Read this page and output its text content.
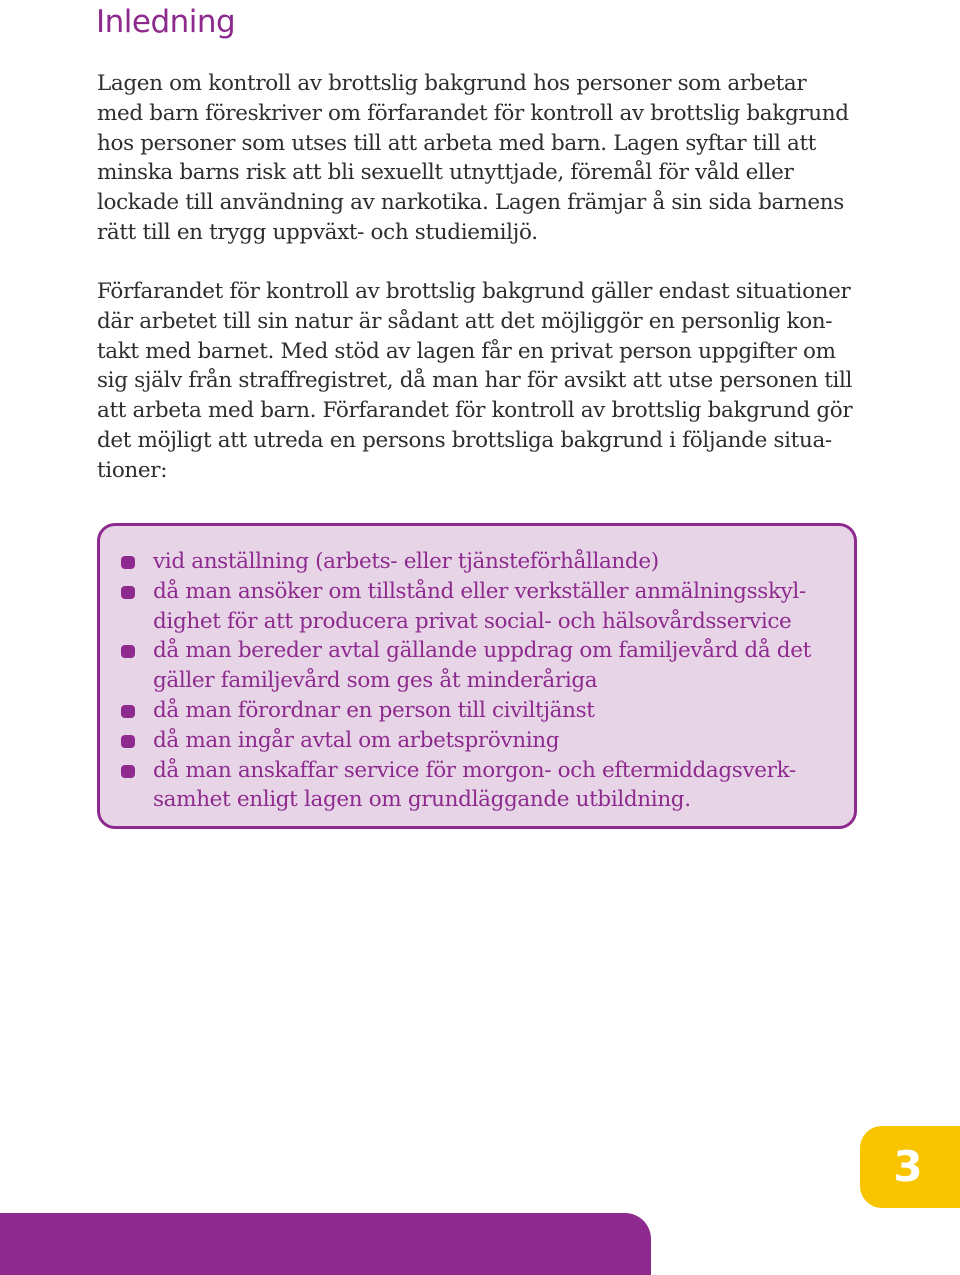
Inledning

Lagen om kontroll av brottslig bakgrund hos personer som arbetar
med barn föreskriver om förfarandet för kontroll av brottslig bakgrund
hos personer som utses till att arbeta med barn. Lagen syftar till att
minska barns risk att bli sexuellt utnyttjade, föremål för våld eller
lockade till användning av narkotika. Lagen främjar å sin sida barnens
rätt till en trygg uppväxt- och studiemiljö.

Förfarandet för kontroll av brottslig bakgrund gäller endast situationer
där arbetet till sin natur är sådant att det möjliggör en personlig kon-
takt med barnet. Med stöd av lagen får en privat person uppgifter om
sig själv från straffregistret, då man har för avsikt att utse personen till
att arbeta med barn. Förfarandet för kontroll av brottslig bakgrund gör
det möjligt att utreda en persons brottsliga bakgrund i följande situa-
tioner:

vid anställning (arbets- eller tjänsteförhållande)
då man ansöker om tillstånd eller verkställer anmälningsskyl-
dighet för att producera privat social- och hälsovårdsservice
då man bereder avtal gällande uppdrag om familjevård då det
gäller familjevård som ges åt minderåriga
då man förordnar en person till civiltjänst
då man ingår avtal om arbetsprövning
då man anskaffar service för morgon- och eftermiddagsverk-
samhet enligt lagen om grundläggande utbildning.
3
